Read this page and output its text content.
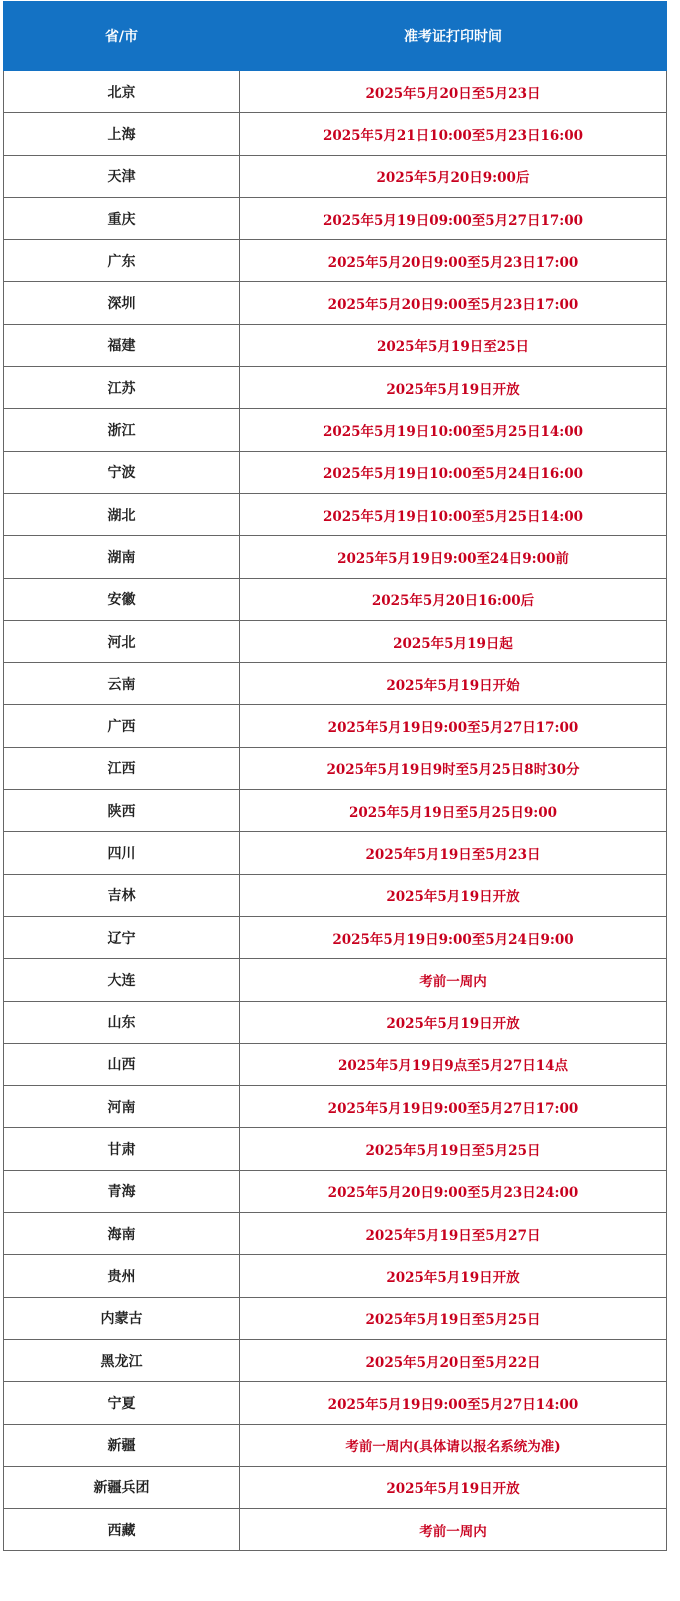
省/市	准考证打印时间
北京	2025年5月20日至5月23日
上海	2025年5月21日10:00至5月23日16:00
天津	2025年5月20日9:00后
重庆	2025年5月19日09:00至5月27日17:00
广东	2025年5月20日9:00至5月23日17:00
深圳	2025年5月20日9:00至5月23日17:00
福建	2025年5月19日至25日
江苏	2025年5月19日开放
浙江	2025年5月19日10:00至5月25日14:00
宁波	2025年5月19日10:00至5月24日16:00
湖北	2025年5月19日10:00至5月25日14:00
湖南	2025年5月19日9:00至24日9:00前
安徽	2025年5月20日16:00后
河北	2025年5月19日起
云南	2025年5月19日开始
广西	2025年5月19日9:00至5月27日17:00
江西	2025年5月19日9时至5月25日8时30分
陕西	2025年5月19日至5月25日9:00
四川	2025年5月19日至5月23日
吉林	2025年5月19日开放
辽宁	2025年5月19日9:00至5月24日9:00
大连	考前一周内
山东	2025年5月19日开放
山西	2025年5月19日9点至5月27日14点
河南	2025年5月19日9:00至5月27日17:00
甘肃	2025年5月19日至5月25日
青海	2025年5月20日9:00至5月23日24:00
海南	2025年5月19日至5月27日
贵州	2025年5月19日开放
内蒙古	2025年5月19日至5月25日
黑龙江	2025年5月20日至5月22日
宁夏	2025年5月19日9:00至5月27日14:00
新疆	考前一周内(具体请以报名系统为准)
新疆兵团	2025年5月19日开放
西藏	考前一周内
